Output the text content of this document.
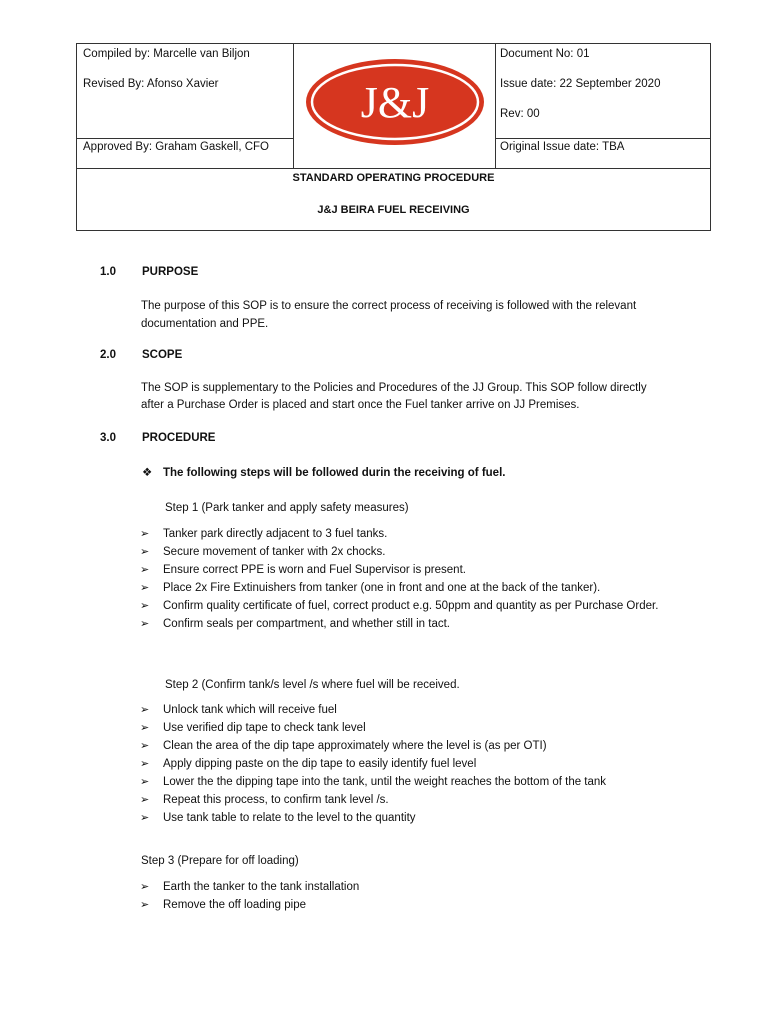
Compiled by: Marcelle van Biljon
Revised By: Afonso Xavier
Approved By: Graham Gaskell, CFO
J&J
Document No: 01
Issue date: 22 September 2020
Rev: 00
Original Issue date: TBA
STANDARD OPERATING PROCEDURE
J&J BEIRA FUEL RECEIVING
1.0 PURPOSE
The purpose of this SOP is to ensure the correct process of receiving is followed with the relevant documentation and PPE.
2.0 SCOPE
The SOP is supplementary to the Policies and Procedures of the JJ Group. This SOP follow directly after a Purchase Order is placed and start once the Fuel tanker arrive on JJ Premises.
3.0 PROCEDURE
❖ The following steps will be followed durin the receiving of fuel.
Step 1 (Park tanker and apply safety measures)
➢ Tanker park directly adjacent to 3 fuel tanks.
➢ Secure movement of tanker with 2x chocks.
➢ Ensure correct PPE is worn and Fuel Supervisor is present.
➢ Place 2x Fire Extinuishers from tanker (one in front and one at the back of the tanker).
➢ Confirm quality certificate of fuel, correct product e.g. 50ppm and quantity as per Purchase Order.
➢ Confirm seals per compartment, and whether still in tact.
Step 2 (Confirm tank/s level /s where fuel will be received.
➢ Unlock tank which will receive fuel
➢ Use verified dip tape to check tank level
➢ Clean the area of the dip tape approximately where the level is (as per OTI)
➢ Apply dipping paste on the dip tape to easily identify fuel level
➢ Lower the the dipping tape into the tank, until the weight reaches the bottom of the tank
➢ Repeat this process, to confirm tank level /s.
➢ Use tank table to relate to the level to the quantity
Step 3 (Prepare for off loading)
➢ Earth the tanker to the tank installation
➢ Remove the off loading pipe
